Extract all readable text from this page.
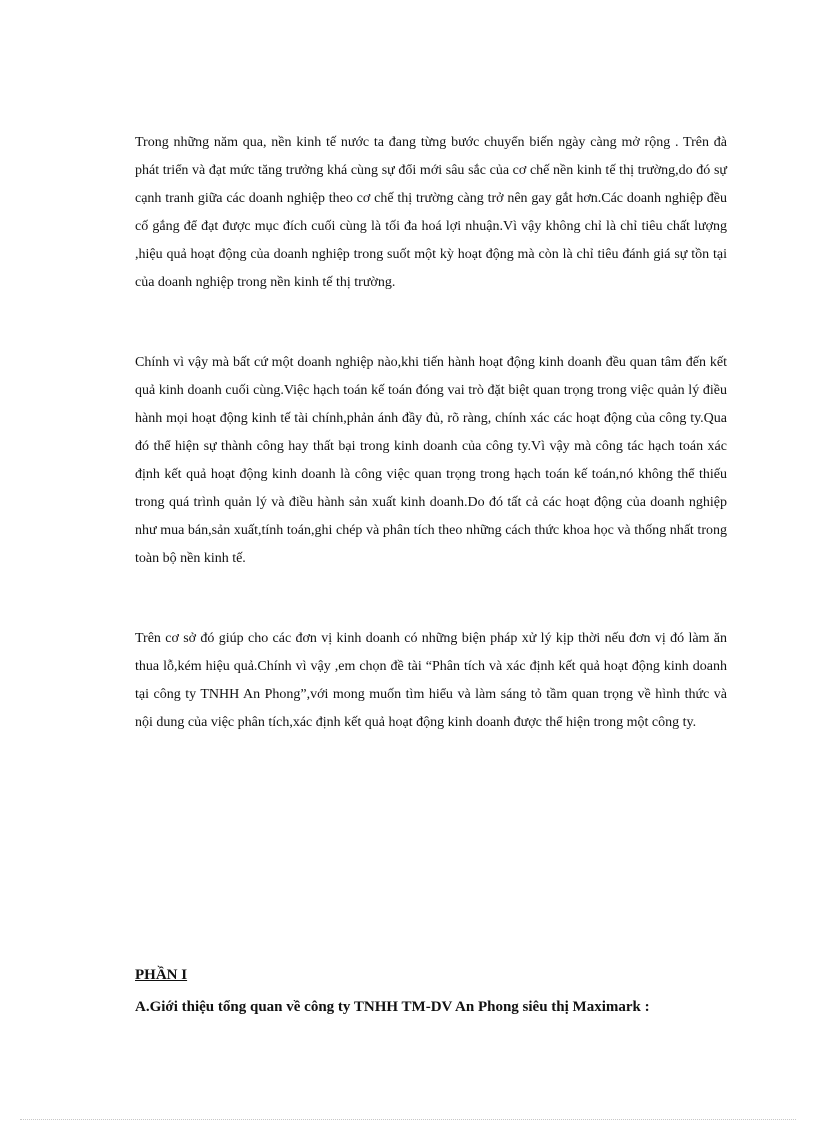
Trong những năm qua, nền kinh tế nước ta đang từng bước chuyển biến ngày càng mở rộng . Trên đà phát triển và đạt mức tăng trưởng khá cùng sự đổi mới sâu sắc của cơ chế nền kinh tế thị trường,do đó sự cạnh tranh giữa các doanh nghiệp theo cơ chế thị trường càng trở nên gay gắt hơn.Các doanh nghiệp đều cố gắng để đạt được mục đích cuối cùng là tối đa hoá lợi nhuận.Vì vậy không chỉ là chỉ tiêu chất lượng ,hiệu quả hoạt động của doanh nghiệp trong suốt một kỳ hoạt động mà còn là chỉ tiêu đánh giá sự tồn tại của doanh nghiệp trong nền kinh tế thị trường.

Chính vì vậy mà bất cứ một doanh nghiệp nào,khi tiến hành hoạt động kinh doanh đều quan tâm đến kết quả kinh doanh cuối cùng.Việc hạch toán kế toán đóng vai trò đặt biệt quan trọng trong việc quản lý điều hành mọi hoạt động kinh tế tài chính,phản ánh đầy đủ, rõ ràng, chính xác các hoạt động của công ty.Qua đó thể hiện sự thành công hay thất bại trong kinh doanh của công ty.Vì vậy mà công tác hạch toán xác định kết quả hoạt động kinh doanh là công việc quan trọng trong hạch toán kế toán,nó không thể thiếu trong quá trình quản lý và điều hành sản xuất kinh doanh.Do đó tất cả các hoạt động của doanh nghiệp như mua bán,sản xuất,tính toán,ghi chép và phân tích theo những cách thức khoa học và thống nhất trong toàn bộ nền kinh tế.

Trên cơ sở đó giúp cho các đơn vị kinh doanh có những biện pháp xử lý kịp thời nếu đơn vị đó làm ăn thua lỗ,kém hiệu quả.Chính vì vậy ,em chọn đề tài “Phân tích và xác định kết quả hoạt động kinh doanh tại công ty TNHH An Phong”,với mong muốn tìm hiểu và làm sáng tỏ tầm quan trọng về hình thức và nội dung của việc phân tích,xác định kết quả hoạt động kinh doanh được thể hiện trong một công ty.

PHẦN I

A.Giới thiệu tổng quan về công ty TNHH TM-DV An Phong siêu thị Maximark :
